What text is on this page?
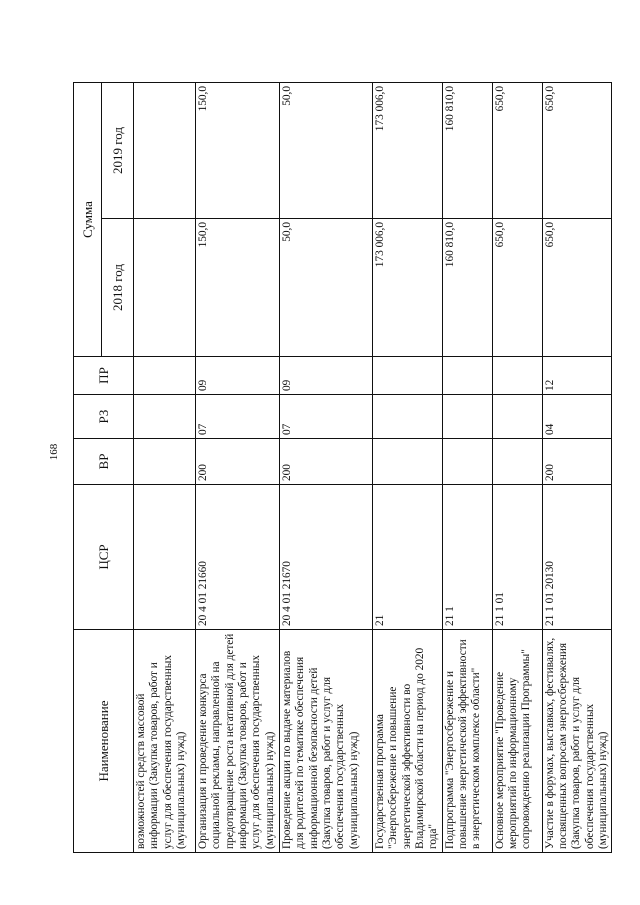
168
Наименование	ЦСР	ВР	РЗ	ПР	Сумма	
					2018 год	2019 год
возможностей средств массовой информации (Закупка товаров, работ и услуг для обеспечения государственных (муниципальных) нужд)						
Организация и проведение конкурса социальной рекламы, направленной на предотвращение роста негативной для детей информации (Закупка товаров, работ и услуг для обеспечения государственных (муниципальных) нужд)	20 4 01 21660	200	07	09	150,0	150,0
Проведение акции по выдаче материалов для родителей по тематике обеспечения информационной безопасности детей (Закупка товаров, работ и услуг для обеспечения государственных (муниципальных) нужд)	20 4 01 21670	200	07	09	50,0	50,0
Государственная программа "Энергосбережение и повышение энергетической эффективности во Владимирской области на период до 2020 года"	21				173 006,0	173 006,0
Подпрограмма "Энергосбережение и повышение энергетической эффективности в энергетическом комплексе области"	21 1				160 810,0	160 810,0
Основное мероприятие "Проведение мероприятий по информационному сопровождению реализации Программы"	21 1 01				650,0	650,0
Участие в форумах, выставках, фестивалях, посвященных вопросам энергосбережения (Закупка товаров, работ и услуг для обеспечения государственных (муниципальных) нужд)	21 1 01 20130	200	04	12	650,0	650,0
